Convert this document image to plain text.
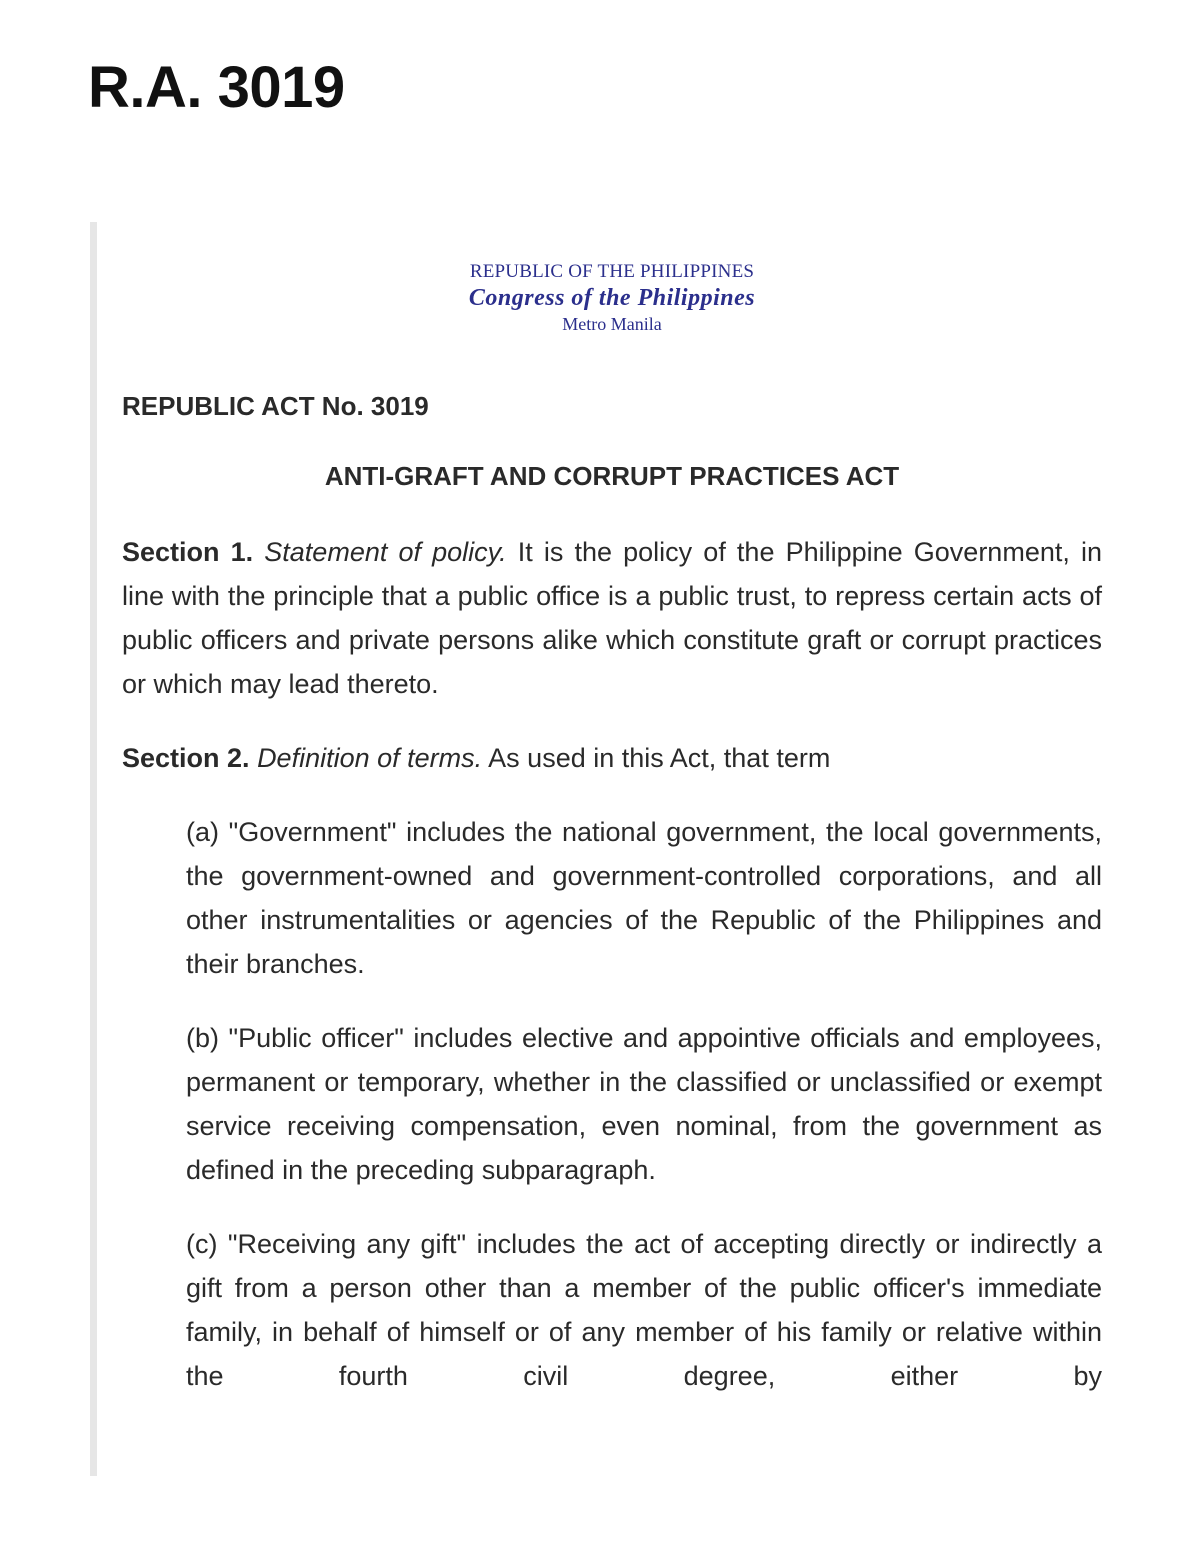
R.A. 3019
REPUBLIC OF THE PHILIPPINES
Congress of the Philippines
Metro Manila

REPUBLIC ACT No. 3019

ANTI-GRAFT AND CORRUPT PRACTICES ACT

Section 1. Statement of policy. It is the policy of the Philippine Government, in line with the principle that a public office is a public trust, to repress certain acts of public officers and private persons alike which constitute graft or corrupt practices or which may lead thereto.

Section 2. Definition of terms. As used in this Act, that term

(a) "Government" includes the national government, the local governments, the government-owned and government-controlled corporations, and all other instrumentalities or agencies of the Republic of the Philippines and their branches.

(b) "Public officer" includes elective and appointive officials and employees, permanent or temporary, whether in the classified or unclassified or exempt service receiving compensation, even nominal, from the government as defined in the preceding subparagraph.

(c) "Receiving any gift" includes the act of accepting directly or indirectly a gift from a person other than a member of the public officer's immediate family, in behalf of himself or of any member of his family or relative within the fourth civil degree, either by
